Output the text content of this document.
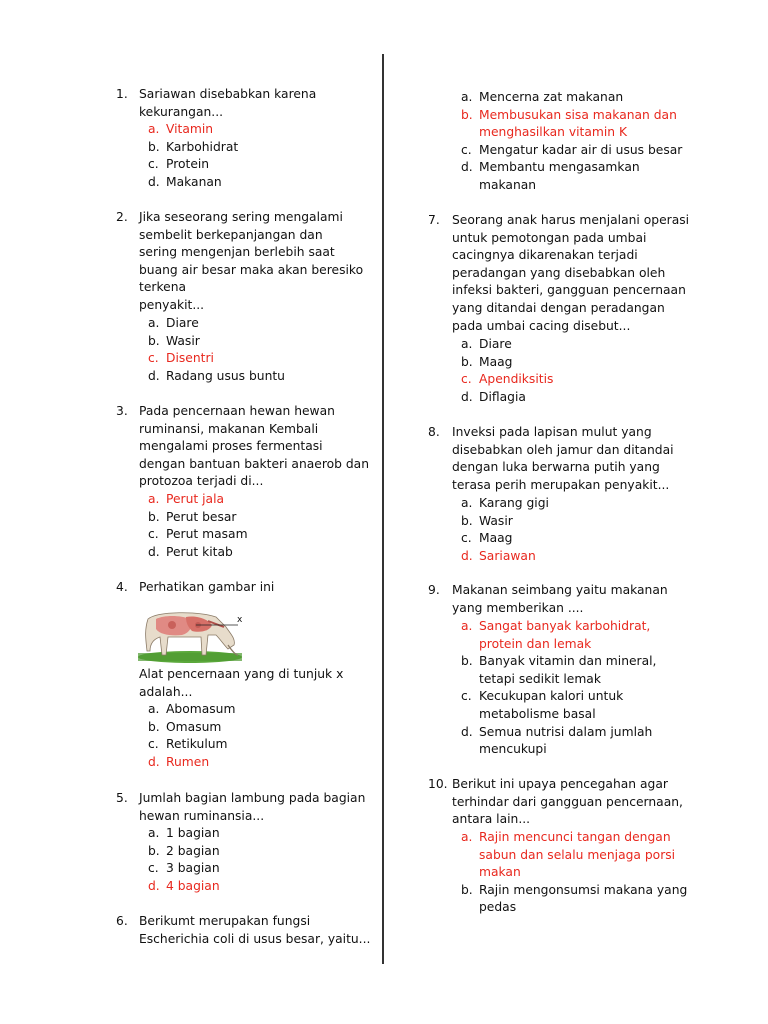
1. Sariawan disebabkan karena
kekurangan...
a. Vitamin
b. Karbohidrat
c. Protein
d. Makanan
2. Jika seseorang sering mengalami
sembelit berkepanjangan dan
sering mengenjan berlebih saat
buang air besar maka akan beresiko
terkena
penyakit...
a. Diare
b. Wasir
c. Disentri
d. Radang usus buntu
3. Pada pencernaan hewan hewan
ruminansi, makanan Kembali
mengalami proses fermentasi
dengan bantuan bakteri anaerob dan
protozoa terjadi di...
a. Perut jala
b. Perut besar
c. Perut masam
d. Perut kitab
4. Perhatikan gambar ini
x
Alat pencernaan yang di tunjuk x
adalah...
a. Abomasum
b. Omasum
c. Retikulum
d. Rumen
5. Jumlah bagian lambung pada bagian
hewan ruminansia...
a. 1 bagian
b. 2 bagian
c. 3 bagian
d. 4 bagian
6. Berikumt merupakan fungsi
Escherichia coli di usus besar, yaitu...
a. Mencerna zat makanan
b. Membusukan sisa makanan dan
menghasilkan vitamin K
c. Mengatur kadar air di usus besar
d. Membantu mengasamkan
makanan
7. Seorang anak harus menjalani operasi
untuk pemotongan pada umbai
cacingnya dikarenakan terjadi
peradangan yang disebabkan oleh
infeksi bakteri, gangguan pencernaan
yang ditandai dengan peradangan
pada umbai cacing disebut...
a. Diare
b. Maag
c. Apendiksitis
d. Diflagia
8. Inveksi pada lapisan mulut yang
disebabkan oleh jamur dan ditandai
dengan luka berwarna putih yang
terasa perih merupakan penyakit...
a. Karang gigi
b. Wasir
c. Maag
d. Sariawan
9. Makanan seimbang yaitu makanan
yang memberikan ....
a. Sangat banyak karbohidrat,
protein dan lemak
b. Banyak vitamin dan mineral,
tetapi sedikit lemak
c. Kecukupan kalori untuk
metabolisme basal
d. Semua nutrisi dalam jumlah
mencukupi
10. Berikut ini upaya pencegahan agar
terhindar dari gangguan pencernaan,
antara lain...
a. Rajin mencunci tangan dengan
sabun dan selalu menjaga porsi
makan
b. Rajin mengonsumsi makana yang
pedas
